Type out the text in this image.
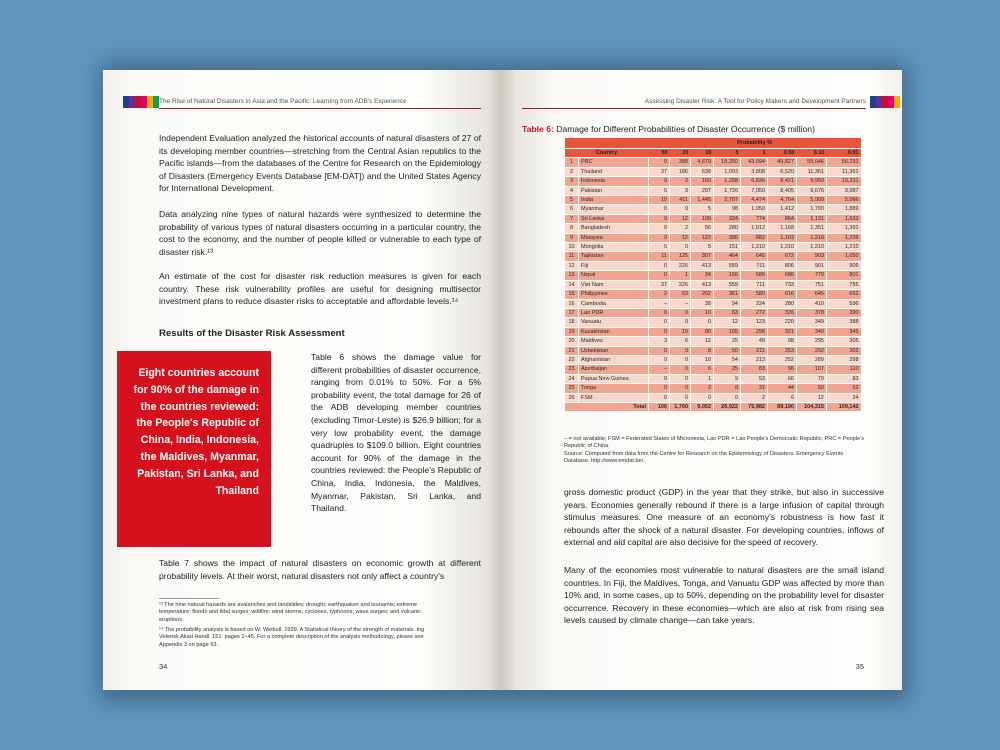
The Rise of Natural Disasters in Asia and the Pacific: Learning from ADB's Experience

Independent Evaluation analyzed the historical accounts of natural disasters of 27 of its developing member countries—stretching from the Central Asian republics to the Pacific islands—from the databases of the Centre for Research on the Epidemiology of Disasters (Emergency Events Database [EM-DAT]) and the United States Agency for International Development.

Data analyzing nine types of natural hazards were synthesized to determine the probability of various types of natural disasters occurring in a particular country, the cost to the economy, and the number of people killed or vulnerable to each type of disaster risk.¹³

An estimate of the cost for disaster risk reduction measures is given for each country. These risk vulnerability profiles are useful for designing multisector investment plans to reduce disaster risks to acceptable and affordable levels.¹⁴

Results of the Disaster Risk Assessment

Eight countries account for 90% of the damage in the countries reviewed: the People's Republic of China, India, Indonesia, the Maldives, Myanmar, Pakistan, Sri Lanka, and Thailand

Table 6 shows the damage value for different probabilities of disaster occurrence, ranging from 0.01% to 50%. For a 5% probability event, the total damage for 26 of the ADB developing member countries (excluding Timor-Leste) is $26.9 billion; for a very low probability event, the damage quadruples to $109.0 billion. Eight countries account for 90% of the damage in the countries reviewed: the People's Republic of China, India, Indonesia, the Maldives, Myanmar, Pakistan, Sri Lanka, and Thailand.

Table 7 shows the impact of natural disasters on economic growth at different probability levels. At their worst, natural disasters not only affect a country's

¹³ The nine natural hazards are avalanches and landslides; drought; earthquakes and tsunamis; extreme temperature; floods and tidal surges; wildfire; wind storms, cyclones, typhoons; wave surges; and volcanic eruptions.
¹⁴ The probability analysis is based on W. Weibull. 1939. A Statistical theory of the strength of materials. Ing Vetensk Akad Handl. 151: pages 1–45. For a complete description of the analysis methodology, please see Appendix 3 on page 63.
34
Assessing Disaster Risk: A Tool for Policy Makers and Development Partners
Table 6: Damage for Different Probabilities of Disaster Occurrence ($ million)
		Probability %							
Country		50	20	10	5	1	0.50	0.10	0.01
1	PRC	0	388	4,679	18,250	43,994	49,827	55,046	56,293
2	Thailand	37	186	638	1,093	3,808	6,520	11,361	11,361
3	Indonesia	0	2	160	1,288	6,836	8,421	9,950	10,331
4	Pakistan	0	9	297	1,726	7,050	8,405	9,676	9,987
5	India	10	411	1,445	2,707	4,474	4,764	5,009	5,066
6	Myanmar	0	0	5	98	1,050	1,412	1,790	1,889
7	Sri Lanka	0	12	109	324	774	864	1,131	1,633
8	Bangladesh	0	2	56	280	1,012	1,168	1,351	1,391
9	Malaysia	0	12	122	386	882	1,103	1,210	1,236
10	Mongolia	0	0	5	151	1,210	1,210	1,210	1,210
11	Tajikistan	11	125	307	464	645	672	903	1,050
12	Fiji	0	226	413	559	711	806	901	906
13	Nepal	0	1	34	166	586	686	779	801
14	Viet Nam	37	226	413	559	711	733	751	755
15	Philippines	2	63	202	361	580	616	645	652
16	Cambodia	–	–	38	94	224	280	410	596
17	Lao PDR	0	0	10	63	272	326	378	390
18	Vanuatu	0	0	0	12	123	220	349	388
19	Kazakhstan	0	19	80	165	298	321	340	345
20	Maldives	3	6	12	25	49	98	295	305
21	Uzbekistan	0	0	8	50	211	253	292	302
22	Afghanistan	0	0	10	54	213	252	289	298
23	Azerbaijan	–	0	6	25	83	96	107	110
24	Papua New Guinea	0	0	1	9	53	66	79	83
25	Tonga	0	0	2	8	31	44	50	52
26	FSM	0	0	0	0	2	6	12	24
Total		100	1,700	9,052	26,922	75,982	89,190	104,315	109,142
– = not available; FSM = Federated States of Micronesia, Lao PDR = Lao People's Democratic Republic; PRC = People's Republic of China.
Source: Computed from data from the Centre for Research on the Epidemiology of Disasters. Emergency Events Database. http://www.emdat.be/.

gross domestic product (GDP) in the year that they strike, but also in successive years. Economies generally rebound if there is a large infusion of capital through stimulus measures. One measure of an economy's robustness is how fast it rebounds after the shock of a natural disaster. For developing countries, inflows of external and aid capital are also decisive for the speed of recovery.

Many of the economies most vulnerable to natural disasters are the small island countries. In Fiji, the Maldives, Tonga, and Vanuatu GDP was affected by more than 10% and, in some cases, up to 50%, depending on the probability level for disaster occurrence. Recovery in these economies—which are also at risk from rising sea levels caused by climate change—can take years.

35
